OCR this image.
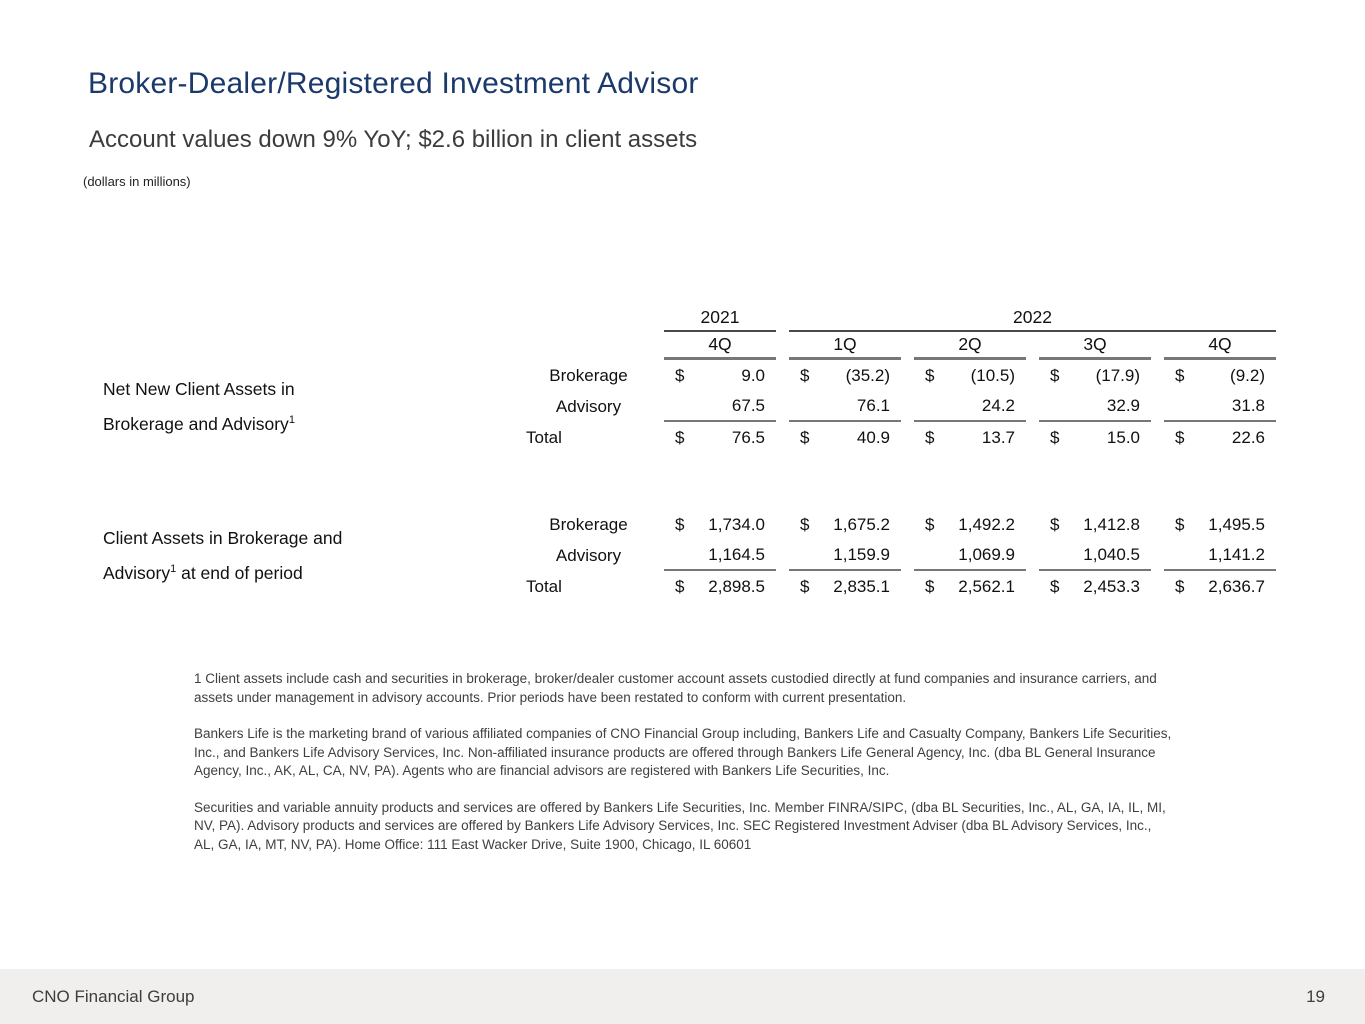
Broker-Dealer/Registered Investment Advisor
Account values down 9% YoY; $2.6 billion in client assets
(dollars in millions)
		2021	2022			
		4Q	1Q	2Q	3Q	4Q

Net New Client Assets in
Brokerage and Advisory$^1$
	Brokerage	$	9.0	$ (35.2)	$ (10.5)	$ (17.9)	$	(9.2)

	Advisory	67.5	76.1	24.2	32.9	31.8

	Total	$ 76.5	$ 40.9	$ 13.7	$ 15.0	$ 22.6

Client Assets in Brokerage and
Advisory$^1$ at end of period
	Brokerage	$ 1,734.0	$ 1,675.2	$ 1,492.2	$ 1,412.8	$ 1,495.5

	Advisory	1,164.5	1,159.9	1,069.9	1,040.5	1,141.2

	Total	$ 2,898.5	$ 2,835.1	$ 2,562.1	$ 2,453.3	$ 2,636.7

1 Client assets include cash and securities in brokerage, broker/dealer customer account assets custodied directly at fund companies and insurance carriers, and assets under management in advisory accounts. Prior periods have been restated to conform with current presentation.

Bankers Life is the marketing brand of various affiliated companies of CNO Financial Group including, Bankers Life and Casualty Company, Bankers Life Securities, Inc., and Bankers Life Advisory Services, Inc. Non-affiliated insurance products are offered through Bankers Life General Agency, Inc. (dba BL General Insurance Agency, Inc., AK, AL, CA, NV, PA). Agents who are financial advisors are registered with Bankers Life Securities, Inc.

Securities and variable annuity products and services are offered by Bankers Life Securities, Inc. Member FINRA/SIPC, (dba BL Securities, Inc., AL, GA, IA, IL, MI, NV, PA). Advisory products and services are offered by Bankers Life Advisory Services, Inc. SEC Registered Investment Adviser (dba BL Advisory Services, Inc., AL, GA, IA, MT, NV, PA). Home Office: 111 East Wacker Drive, Suite 1900, Chicago, IL 60601

CNO Financial Group	19
